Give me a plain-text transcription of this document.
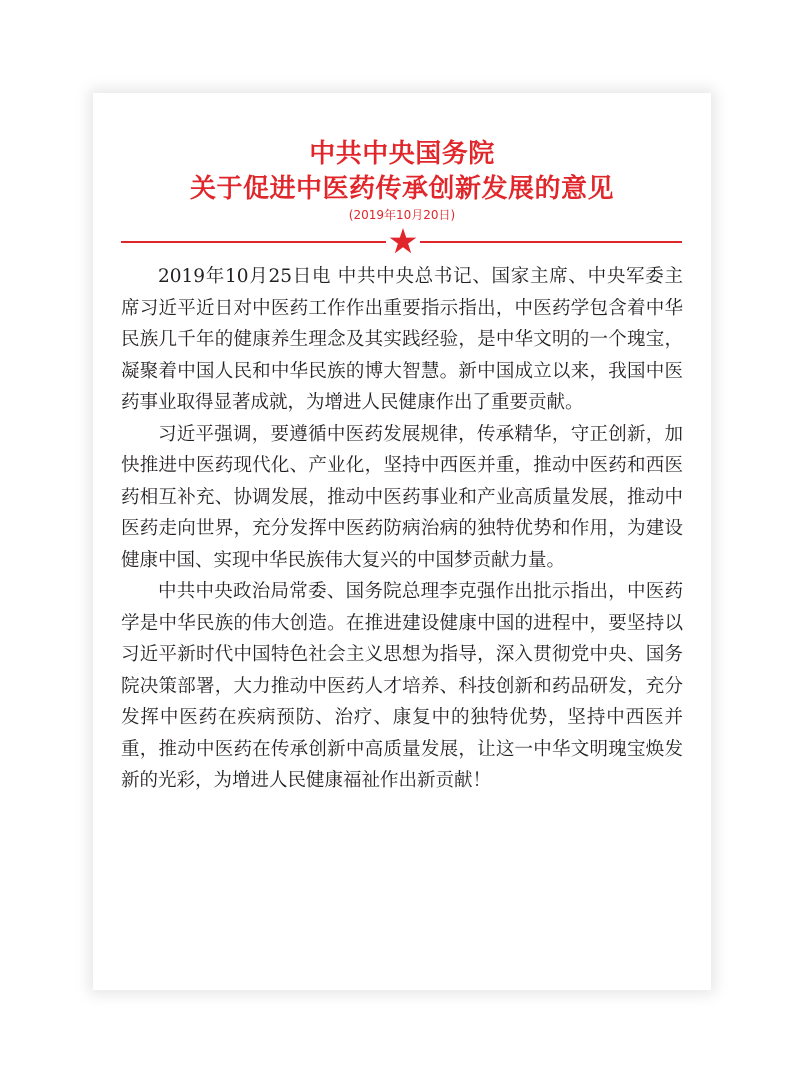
中共中央国务院
关于促进中医药传承创新发展的意见
(2019年10月20日)

2019年10月25日电 中共中央总书记、国家主席、中央军委主席习近平近日对中医药工作作出重要指示指出，中医药学包含着中华民族几千年的健康养生理念及其实践经验，是中华文明的一个瑰宝，凝聚着中国人民和中华民族的博大智慧。新中国成立以来，我国中医药事业取得显著成就，为增进人民健康作出了重要贡献。

习近平强调，要遵循中医药发展规律，传承精华，守正创新，加快推进中医药现代化、产业化，坚持中西医并重，推动中医药和西医药相互补充、协调发展，推动中医药事业和产业高质量发展，推动中医药走向世界，充分发挥中医药防病治病的独特优势和作用，为建设健康中国、实现中华民族伟大复兴的中国梦贡献力量。

中共中央政治局常委、国务院总理李克强作出批示指出，中医药学是中华民族的伟大创造。在推进建设健康中国的进程中，要坚持以习近平新时代中国特色社会主义思想为指导，深入贯彻党中央、国务院决策部署，大力推动中医药人才培养、科技创新和药品研发，充分发挥中医药在疾病预防、治疗、康复中的独特优势，坚持中西医并重，推动中医药在传承创新中高质量发展，让这一中华文明瑰宝焕发新的光彩，为增进人民健康福祉作出新贡献！
